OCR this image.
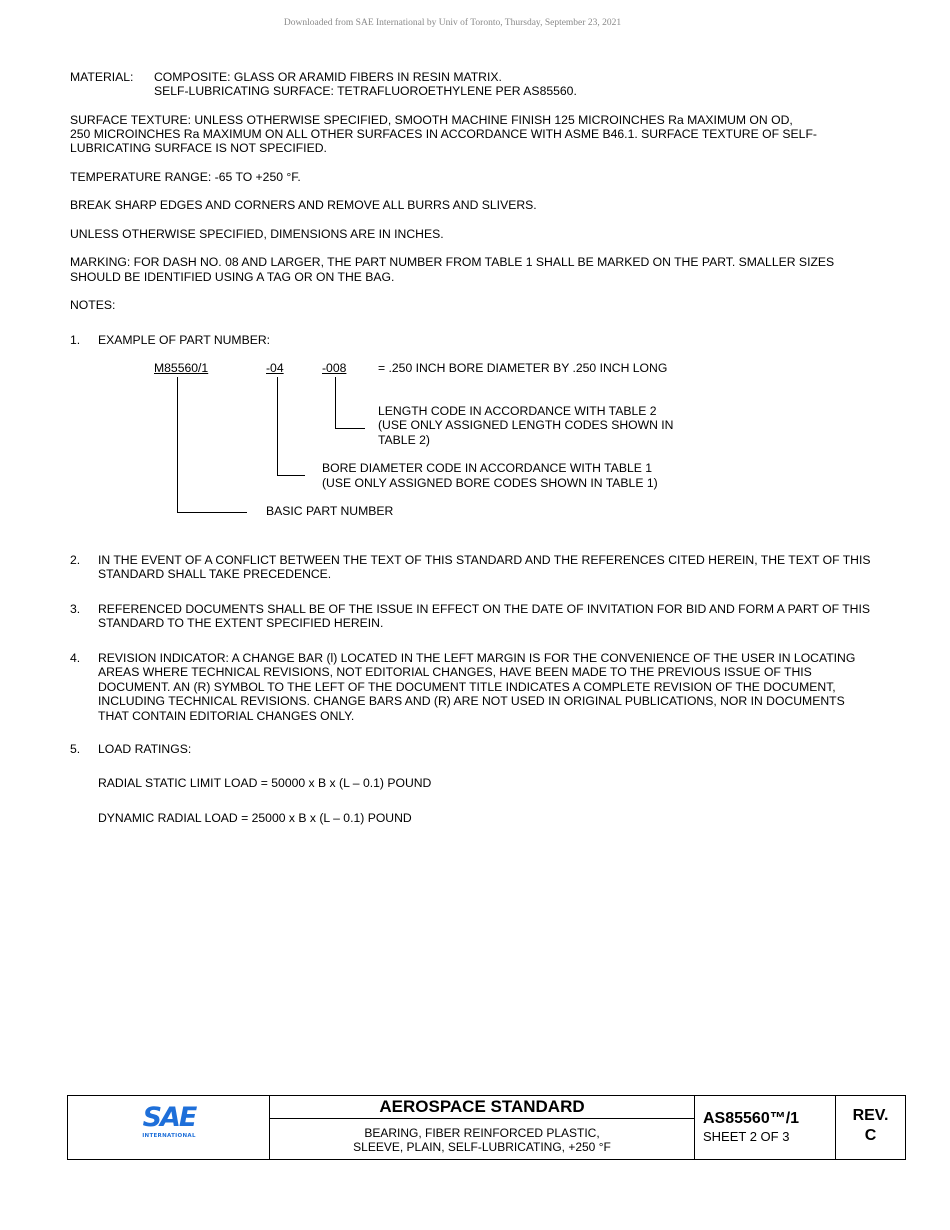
Downloaded from SAE International by Univ of Toronto, Thursday, September 23, 2021
MATERIAL: COMPOSITE: GLASS OR ARAMID FIBERS IN RESIN MATRIX.
SELF-LUBRICATING SURFACE: TETRAFLUOROETHYLENE PER AS85560.
SURFACE TEXTURE: UNLESS OTHERWISE SPECIFIED, SMOOTH MACHINE FINISH 125 MICROINCHES Ra MAXIMUM ON OD,
250 MICROINCHES Ra MAXIMUM ON ALL OTHER SURFACES IN ACCORDANCE WITH ASME B46.1. SURFACE TEXTURE OF SELF-
LUBRICATING SURFACE IS NOT SPECIFIED.
TEMPERATURE RANGE: -65 TO +250 °F.
BREAK SHARP EDGES AND CORNERS AND REMOVE ALL BURRS AND SLIVERS.
UNLESS OTHERWISE SPECIFIED, DIMENSIONS ARE IN INCHES.
MARKING: FOR DASH NO. 08 AND LARGER, THE PART NUMBER FROM TABLE 1 SHALL BE MARKED ON THE PART. SMALLER SIZES
SHOULD BE IDENTIFIED USING A TAG OR ON THE BAG.
NOTES:
1. EXAMPLE OF PART NUMBER:
M85560/1	-04	-008	= .250 INCH BORE DIAMETER BY .250 INCH LONG
LENGTH CODE IN ACCORDANCE WITH TABLE 2
(USE ONLY ASSIGNED LENGTH CODES SHOWN IN
TABLE 2)
BORE DIAMETER CODE IN ACCORDANCE WITH TABLE 1
(USE ONLY ASSIGNED BORE CODES SHOWN IN TABLE 1)
BASIC PART NUMBER
2. IN THE EVENT OF A CONFLICT BETWEEN THE TEXT OF THIS STANDARD AND THE REFERENCES CITED HEREIN, THE TEXT OF THIS STANDARD SHALL TAKE PRECEDENCE.
3. REFERENCED DOCUMENTS SHALL BE OF THE ISSUE IN EFFECT ON THE DATE OF INVITATION FOR BID AND FORM A PART OF THIS STANDARD TO THE EXTENT SPECIFIED HEREIN.
4. REVISION INDICATOR: A CHANGE BAR (l) LOCATED IN THE LEFT MARGIN IS FOR THE CONVENIENCE OF THE USER IN LOCATING AREAS WHERE TECHNICAL REVISIONS, NOT EDITORIAL CHANGES, HAVE BEEN MADE TO THE PREVIOUS ISSUE OF THIS DOCUMENT. AN (R) SYMBOL TO THE LEFT OF THE DOCUMENT TITLE INDICATES A COMPLETE REVISION OF THE DOCUMENT, INCLUDING TECHNICAL REVISIONS. CHANGE BARS AND (R) ARE NOT USED IN ORIGINAL PUBLICATIONS, NOR IN DOCUMENTS THAT CONTAIN EDITORIAL CHANGES ONLY.
5. LOAD RATINGS:
RADIAL STATIC LIMIT LOAD = 50000 x B x (L – 0.1) POUND
DYNAMIC RADIAL LOAD = 25000 x B x (L – 0.1) POUND
SAE
INTERNATIONAL
AEROSPACE STANDARD
BEARING, FIBER REINFORCED PLASTIC,
SLEEVE, PLAIN, SELF-LUBRICATING, +250 °F
AS85560™/1
SHEET 2 OF 3
REV.
C
